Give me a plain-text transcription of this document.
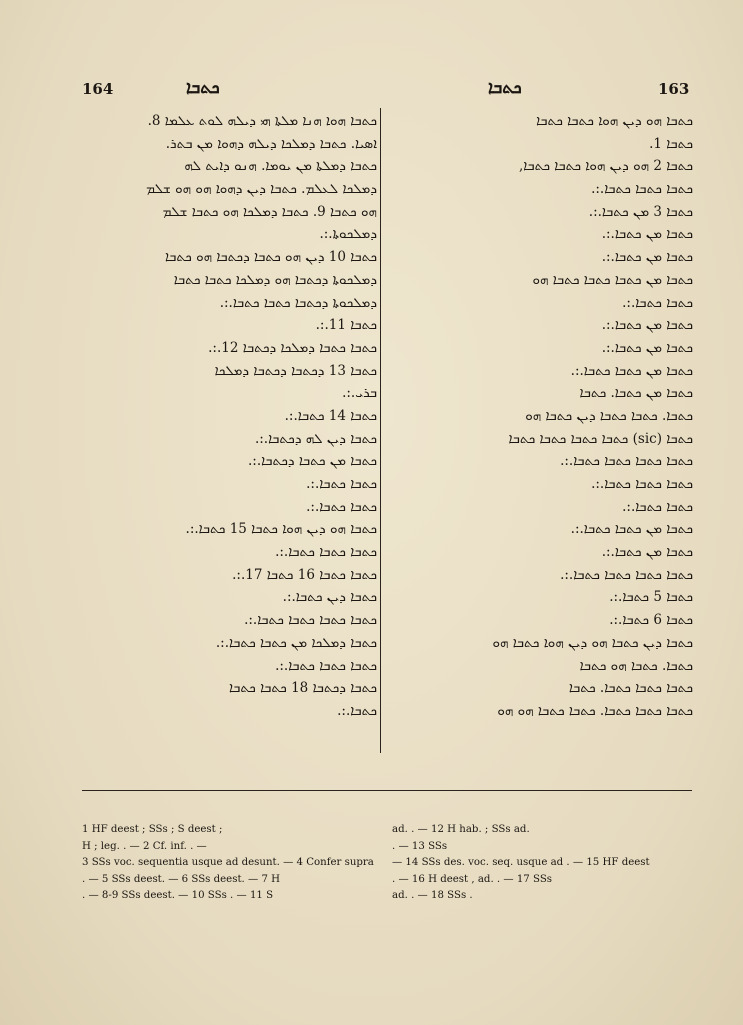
164	ܟܬܒܐ	ܟܬܒܐ	163
ܟܬܒܐ ܗܘܐ ܗܢܐ ܡܠܬܐ ܗܝ ܕܝܠܗ ܠܘܬ ܥܠܡܐ 8.
ܐܣܝܐ. ܟܬܒܐ ܕܡܠܟܐ ܕܝܠܗ ܕܗܘܐ ܡܢ ܒܬܪ.
ܟܬܒܐ ܕܡܠܬܐ ܡܢ ܝܘܡܐ. ܗܢܘ ܕܐܝܬ ܠܗ
ܕܡܠܟܐ ܠܥܠܡ. ܟܬܒܐ ܕܝܢ ܕܗܘܐ ܗܘ ܗܘ ܫܠܡ
ܗܘ ܟܬܒܐ 9. ܟܬܒܐ ܕܡܠܟܐ ܗܘ ܟܬܒܐ ܫܠܡ
ܕܡܠܟܘܬܐ.:.
ܟܬܒܐ 10 ܕܝܢ ܗܘ ܟܬܒܐ ܕܟܬܒܐ ܗܘ ܟܬܒܐ
ܕܡܠܟܘܬܐ ܕܟܬܒܐ ܗܘ ܕܡܠܟܐ ܟܬܒܐ ܟܬܒܐ
ܕܡܠܟܘܬܐ ܕܟܬܒܐ ܟܬܒܐ ܟܬܒܐ.:.
ܟܬܒܐ 11.:.
ܟܬܒܐ ܟܬܒܐ ܕܡܠܟܐ ܕܟܬܒܐ 12.:.
ܟܬܒܐ 13 ܕܟܬܒܐ ܕܟܬܒܐ ܕܡܠܟܐ
ܒܪܝ.:.
ܟܬܒܐ 14 ܟܬܒܐ.:.
ܟܬܒܐ ܕܝܢ ܠܗ ܕܟܬܒܐ.:.
ܟܬܒܐ ܡܢ ܟܬܒܐ ܕܟܬܒܐ.:.
ܟܬܒܐ ܟܬܒܐ.:.
ܟܬܒܐ ܟܬܒܐ.:.
ܟܬܒܐ ܗܘ ܕܝܢ ܗܘܐ ܟܬܒܐ 15 ܟܬܒܐ.:.
ܟܬܒܐ ܟܬܒܐ ܟܬܒܐ.:.
ܟܬܒܐ ܟܬܒܐ 16 ܟܬܒܐ 17.:.
ܟܬܒܐ ܕܝܢ ܟܬܒܐ.:.
ܟܬܒܐ ܟܬܒܐ ܟܬܒܐ ܟܬܒܐ.:.
ܟܬܒܐ ܕܡܠܟܐ ܡܢ ܟܬܒܐ ܟܬܒܐ.:.
ܟܬܒܐ ܟܬܒܐ ܟܬܒܐ.:.
ܟܬܒܐ ܕܟܬܒܐ 18 ܟܬܒܐ ܟܬܒܐ
ܟܬܒܐ.:.
ܟܬܒܐ ܗܘ ܕܝܢ ܗܘܐ ܟܬܒܐ ܟܬܒܐ
ܟܬܒܐ 1.
ܟܬܒܐ 2 ܗܘ ܕܝܢ ܗܘܐ ܟܬܒܐ ܟܬܒܐ,
ܟܬܒܐ ܟܬܒܐ ܟܬܒܐ.:.
ܟܬܒܐ 3 ܡܢ ܟܬܒܐ.:.
ܟܬܒܐ ܡܢ ܟܬܒܐ.:.
ܟܬܒܐ ܡܢ ܟܬܒܐ.:.
ܟܬܒܐ ܡܢ ܟܬܒܐ ܟܬܒܐ ܟܬܒܐ ܗܘ
ܟܬܒܐ ܟܬܒܐ.:.
ܟܬܒܐ ܡܢ ܟܬܒܐ.:.
ܟܬܒܐ ܡܢ ܟܬܒܐ.:.
ܟܬܒܐ ܡܢ ܟܬܒܐ ܟܬܒܐ.:.
ܟܬܒܐ ܡܢ ܟܬܒܐ. ܟܬܒܐ
ܟܬܒܐ. ܟܬܒܐ ܟܬܒܐ ܕܝܢ ܟܬܒܐ ܗܘ
ܟܬܒܐ (sic) ܟܬܒܐ ܟܬܒܐ ܟܬܒܐ ܟܬܒܐ
ܟܬܒܐ ܟܬܒܐ ܟܬܒܐ ܟܬܒܐ.:.
ܟܬܒܐ ܟܬܒܐ ܟܬܒܐ.:.
ܟܬܒܐ ܟܬܒܐ.:.
ܟܬܒܐ ܡܢ ܟܬܒܐ ܟܬܒܐ.:.
ܟܬܒܐ ܡܢ ܟܬܒܐ.:.
ܟܬܒܐ ܟܬܒܐ ܟܬܒܐ ܟܬܒܐ.:.
ܟܬܒܐ 5 ܟܬܒܐ.:.
ܟܬܒܐ 6 ܟܬܒܐ.:.
ܟܬܒܐ ܕܝܢ ܟܬܒܐ ܗܘ ܕܝܢ ܗܘܐ ܟܬܒܐ ܗܘ
ܟܬܒܐ. ܟܬܒܐ ܗܘ ܟܬܒܐ
ܟܬܒܐ ܟܬܒܐ ܟܬܒܐ. ܟܬܒܐ
ܟܬܒܐ ܟܬܒܐ ܟܬܒܐ. ܟܬܒܐ ܟܬܒܐ ܗܘ ܗܘ
1 HF deest ; SSs ; S deest ;
H ; leg. . — 2 Cf. inf. . —
3 SSs voc. sequentia usque ad desunt. — 4 Confer supra
. — 5 SSs deest. — 6 SSs deest. — 7 H
. — 8-9 SSs deest. — 10 SSs . — 11 S
ad. . — 12 H hab. ; SSs ad.
. — 13 SSs
— 14 SSs des. voc. seq. usque ad . — 15 HF deest
. — 16 H deest , ad. . — 17 SSs
ad. . — 18 SSs .
